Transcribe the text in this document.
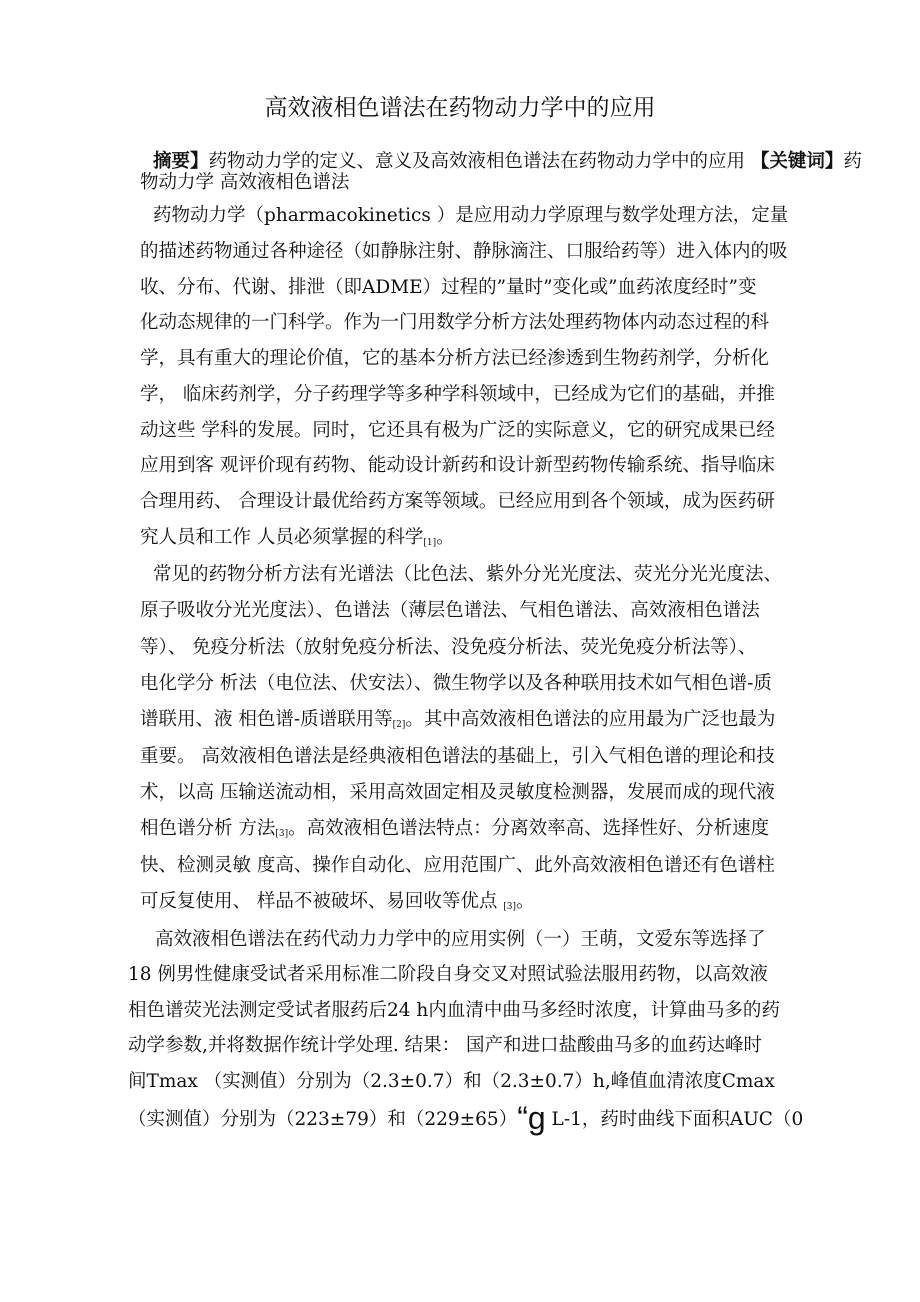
高效液相色谱法在药物动力学中的应用
摘要】药物动力学的定义、意义及高效液相色谱法在药物动力学中的应用 【关键词】药
物动力学 高效液相色谱法
药物动力学（pharmacokinetics ）是应用动力学原理与数学处理方法，定量
的描述药物通过各种途径（如静脉注射、静脉滴注、口服给药等）进入体内的吸
收、分布、代谢、排泄（即ADME）过程的”量时”变化或”血药浓度经时”变
化动态规律的一门科学。作为一门用数学分析方法处理药物体内动态过程的科
学，具有重大的理论价值，它的基本分析方法已经渗透到生物药剂学，分析化
学， 临床药剂学，分子药理学等多种学科领域中，已经成为它们的基础，并推
动这些 学科的发展。同时，它还具有极为广泛的实际意义，它的研究成果已经
应用到客 观评价现有药物、能动设计新药和设计新型药物传输系统、指导临床
合理用药、 合理设计最优给药方案等领域。已经应用到各个领域，成为医药研
究人员和工作 人员必须掌握的科学$_{[1]}$。
常见的药物分析方法有光谱法（比色法、紫外分光光度法、荧光分光光度法、
原子吸收分光光度法）、色谱法（薄层色谱法、气相色谱法、高效液相色谱法
等）、 免疫分析法（放射免疫分析法、没免疫分析法、荧光免疫分析法等）、
电化学分 析法（电位法、伏安法）、微生物学以及各种联用技术如气相色谱-质
谱联用、液 相色谱-质谱联用等$_{[2]}$。其中高效液相色谱法的应用最为广泛也最为
重要。 高效液相色谱法是经典液相色谱法的基础上，引入气相色谱的理论和技
术，以高 压输送流动相，采用高效固定相及灵敏度检测器，发展而成的现代液
相色谱分析 方法$_{[3]}$。高效液相色谱法特点：分离效率高、选择性好、分析速度
快、检测灵敏 度高、操作自动化、应用范围广、此外高效液相色谱还有色谱柱
可反复使用、 样品不被破坏、易回收等优点 $_{[3]}$。
高效液相色谱法在药代动力力学中的应用实例（一）王萌，文爱东等选择了
18 例男性健康受试者采用标准二阶段自身交叉对照试验法服用药物，以高效液
相色谱荧光法测定受试者服药后24 h内血清中曲马多经时浓度，计算曲马多的药
动学参数,并将数据作统计学处理. 结果： 国产和进口盐酸曲马多的血药达峰时
间Tmax （实测值）分别为（2.3±0.7）和（2.3±0.7）h,峰值血清浓度Cmax
（实测值）分别为（223±79）和（229±65）“g L-1，药时曲线下面积AUC（0
